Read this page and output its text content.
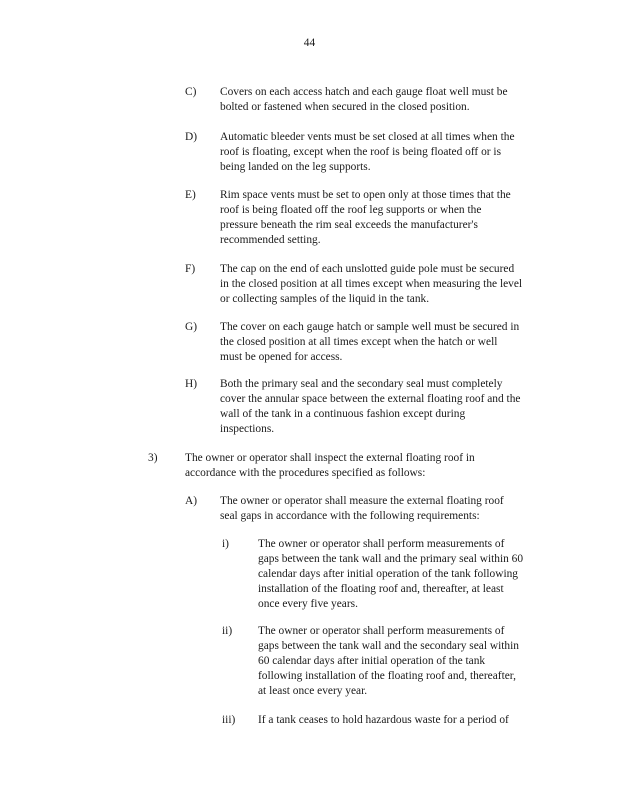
44
C) Covers on each access hatch and each gauge float well must be
bolted or fastened when secured in the closed position.
D) Automatic bleeder vents must be set closed at all times when the
roof is floating, except when the roof is being floated off or is
being landed on the leg supports.
E) Rim space vents must be set to open only at those times that the
roof is being floated off the roof leg supports or when the
pressure beneath the rim seal exceeds the manufacturer's
recommended setting.
F) The cap on the end of each unslotted guide pole must be secured
in the closed position at all times except when measuring the level
or collecting samples of the liquid in the tank.
G) The cover on each gauge hatch or sample well must be secured in
the closed position at all times except when the hatch or well
must be opened for access.
H) Both the primary seal and the secondary seal must completely
cover the annular space between the external floating roof and the
wall of the tank in a continuous fashion except during
inspections.
3) The owner or operator shall inspect the external floating roof in
accordance with the procedures specified as follows:
A) The owner or operator shall measure the external floating roof
seal gaps in accordance with the following requirements:
i)	The owner or operator shall perform measurements of
gaps between the tank wall and the primary seal within 60
calendar days after initial operation of the tank following
installation of the floating roof and, thereafter, at least
once every five years.
ii) The owner or operator shall perform measurements of
gaps between the tank wall and the secondary seal within
60 calendar days after initial operation of the tank
following installation of the floating roof and, thereafter,
at least once every year.
iii) If a tank ceases to hold hazardous waste for a period of
